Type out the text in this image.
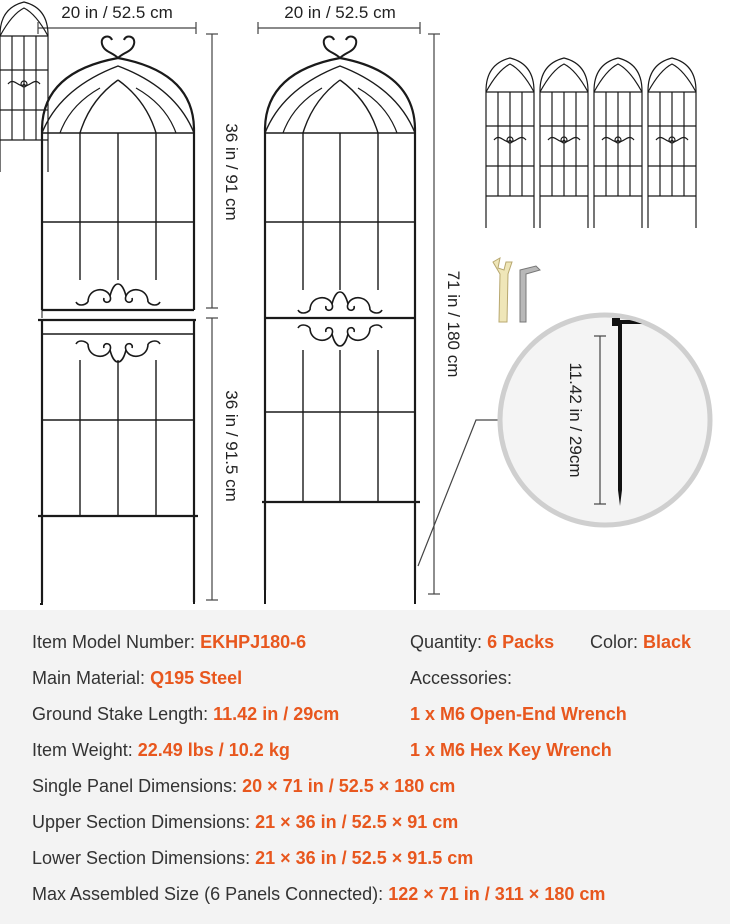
20 in / 52.5 cm	20 in / 52.5 cm
36 in / 91 cm
36 in / 91.5 cm
71 in / 180 cm
11.42 in / 29cm
Item Model Number: EKHPJ180-6	Quantity: 6 Packs Color: Black
Main Material: Q195 Steel	Accessories:
Ground Stake Length: 11.42 in / 29cm	1 x M6 Open-End Wrench
Item Weight: 22.49 lbs / 10.2 kg	1 x M6 Hex Key Wrench
Single Panel Dimensions: 20 × 71 in / 52.5 × 180 cm
Upper Section Dimensions: 21 × 36 in / 52.5 × 91 cm
Lower Section Dimensions: 21 × 36 in / 52.5 × 91.5 cm
Max Assembled Size (6 Panels Connected): 122 × 71 in / 311 × 180 cm
